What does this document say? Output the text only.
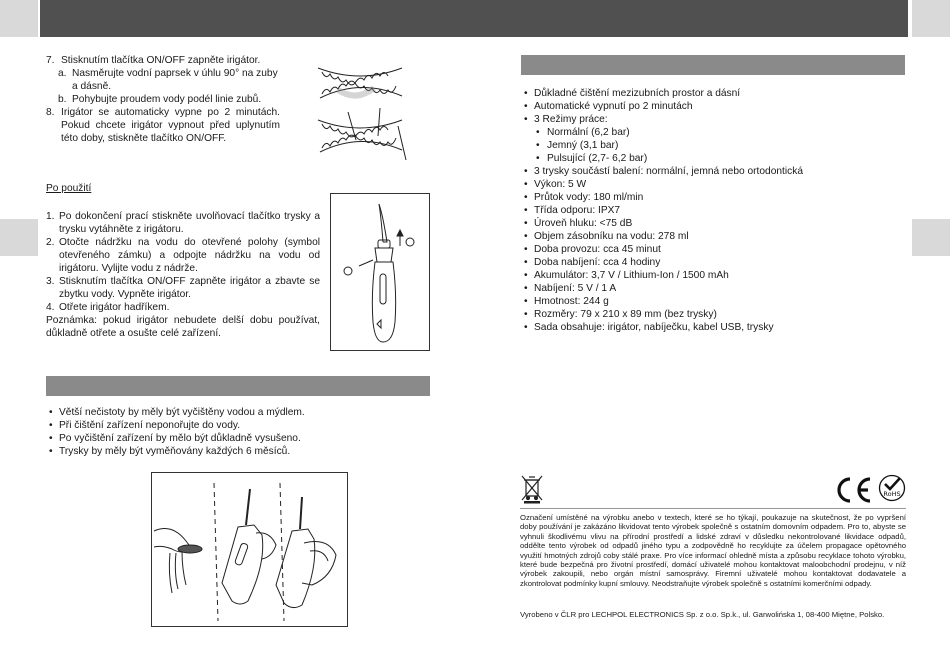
7. Stisknutím tlačítka ON/OFF zapněte irigátor.
a. Nasměrujte vodní paprsek v úhlu 90° na zuby a dásně.
b. Pohybujte proudem vody podél linie zubů.
8. Irigátor se automaticky vypne po 2 minutách. Pokud chcete irigátor vypnout před uplynutím této doby, stiskněte tlačítko ON/OFF.
Po použití
1. Po dokončení prací stiskněte uvolňovací tlačítko trysky a trysku vytáhněte z irigátoru.
2. Otočte nádržku na vodu do otevřené polohy (symbol otevřeného zámku) a odpojte nádržku na vodu od irigátoru. Vylijte vodu z nádrže.
3. Stisknutím tlačítka ON/OFF zapněte irigátor a zbavte se zbytku vody. Vypněte irigátor.
4. Otřete irigátor hadříkem.
Poznámka: pokud irigátor nebudete delší dobu používat, důkladně otřete a osušte celé zařízení.
• Větší nečistoty by měly být vyčištěny vodou a mýdlem.
• Při čištění zařízení neponořujte do vody.
• Po vyčištění zařízení by mělo být důkladně vysušeno.
• Trysky by měly být vyměňovány každých 6 měsíců.
• Důkladné čištění mezizubních prostor a dásní
• Automatické vypnutí po 2 minutách
• 3 Režimy práce:
• Normální (6,2 bar)
• Jemný (3,1 bar)
• Pulsující (2,7- 6,2 bar)
• 3 trysky součástí balení: normální, jemná nebo ortodontická
• Výkon: 5 W
• Průtok vody: 180 ml/min
• Třída odporu: IPX7
• Úroveň hluku: <75 dB
• Objem zásobníku na vodu: 278 ml
• Doba provozu: cca 45 minut
• Doba nabíjení: cca 4 hodiny
• Akumulátor: 3,7 V / Lithium-Ion / 1500 mAh
• Nabíjení: 5 V / 1 A
• Hmotnost: 244 g
• Rozměry: 79 x 210 x 89 mm (bez trysky)
• Sada obsahuje: irigátor, nabíječku, kabel USB, trysky
RoHS
Označení umístěné na výrobku anebo v textech, které se ho týkají, poukazuje na skutečnost, že po vypršení doby používání je zakázáno likvidovat tento výrobek společně s ostatním domovním odpadem. Pro to, abyste se vyhnuli škodlivému vlivu na přírodní prostředí a lidské zdraví v důsledku nekontrolované likvidace odpadů, oddělte tento výrobek od odpadů jiného typu a zodpovědně ho recyklujte za účelem propagace opětovného využití hmotných zdrojů coby stálé praxe. Pro více informací ohledně místa a způsobu recyklace tohoto výrobku, které bude bezpečná pro životní prostředí, domácí uživatelé mohou kontaktovat maloobchodní prodejnu, v níž výrobek zakoupili, nebo orgán místní samosprávy. Firemní uživatelé mohou kontaktovat dodavatele a zkontrolovat podmínky kupní smlouvy. Neodstraňujte výrobek společně s ostatními komerčními odpady.
Vyrobeno v ČLR pro LECHPOL ELECTRONICS Sp. z o.o. Sp.k., ul. Garwolińska 1, 08-400 Miętne, Polsko.
